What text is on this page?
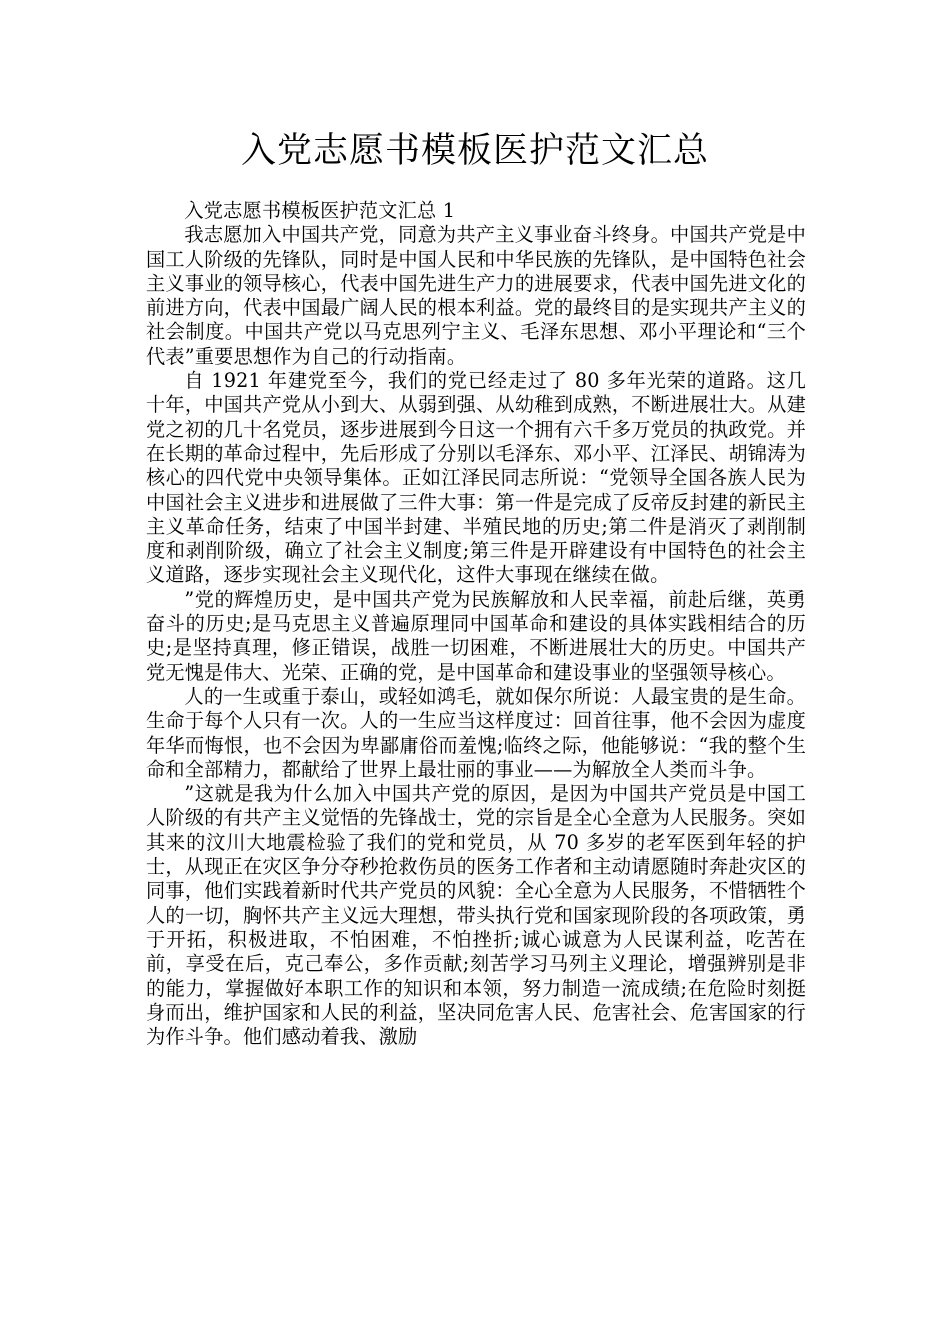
入党志愿书模板医护范文汇总

入党志愿书模板医护范文汇总 1

我志愿加入中国共产党，同意为共产主义事业奋斗终身。中国共产党是中国工人阶级的先锋队，同时是中国人民和中华民族的先锋队，是中国特色社会主义事业的领导核心，代表中国先进生产力的进展要求，代表中国先进文化的前进方向，代表中国最广阔人民的根本利益。党的最终目的是实现共产主义的社会制度。中国共产党以马克思列宁主义、毛泽东思想、邓小平理论和“三个代表”重要思想作为自己的行动指南。

自 1921 年建党至今，我们的党已经走过了 80 多年光荣的道路。这几十年，中国共产党从小到大、从弱到强、从幼稚到成熟，不断进展壮大。从建党之初的几十名党员，逐步进展到今日这一个拥有六千多万党员的执政党。并在长期的革命过程中，先后形成了分别以毛泽东、邓小平、江泽民、胡锦涛为核心的四代党中央领导集体。正如江泽民同志所说：“党领导全国各族人民为中国社会主义进步和进展做了三件大事：第一件是完成了反帝反封建的新民主主义革命任务，结束了中国半封建、半殖民地的历史;第二件是消灭了剥削制度和剥削阶级，确立了社会主义制度;第三件是开辟建设有中国特色的社会主义道路，逐步实现社会主义现代化，这件大事现在继续在做。

”党的辉煌历史，是中国共产党为民族解放和人民幸福，前赴后继，英勇奋斗的历史;是马克思主义普遍原理同中国革命和建设的具体实践相结合的历史;是坚持真理，修正错误，战胜一切困难，不断进展壮大的历史。中国共产党无愧是伟大、光荣、正确的党，是中国革命和建设事业的坚强领导核心。

人的一生或重于泰山，或轻如鸿毛，就如保尔所说：人最宝贵的是生命。生命于每个人只有一次。人的一生应当这样度过：回首往事，他不会因为虚度年华而悔恨，也不会因为卑鄙庸俗而羞愧;临终之际，他能够说：“我的整个生命和全部精力，都献给了世界上最壮丽的事业——为解放全人类而斗争。

”这就是我为什么加入中国共产党的原因，是因为中国共产党员是中国工人阶级的有共产主义觉悟的先锋战士，党的宗旨是全心全意为人民服务。突如其来的汶川大地震检验了我们的党和党员，从 70 多岁的老军医到年轻的护士，从现正在灾区争分夺秒抢救伤员的医务工作者和主动请愿随时奔赴灾区的同事，他们实践着新时代共产党员的风貌：全心全意为人民服务，不惜牺牲个人的一切，胸怀共产主义远大理想，带头执行党和国家现阶段的各项政策，勇于开拓，积极进取，不怕困难，不怕挫折;诚心诚意为人民谋利益，吃苦在前，享受在后，克己奉公，多作贡献;刻苦学习马列主义理论，增强辨别是非的能力，掌握做好本职工作的知识和本领，努力制造一流成绩;在危险时刻挺身而出，维护国家和人民的利益，坚决同危害人民、危害社会、危害国家的行为作斗争。他们感动着我、激励
